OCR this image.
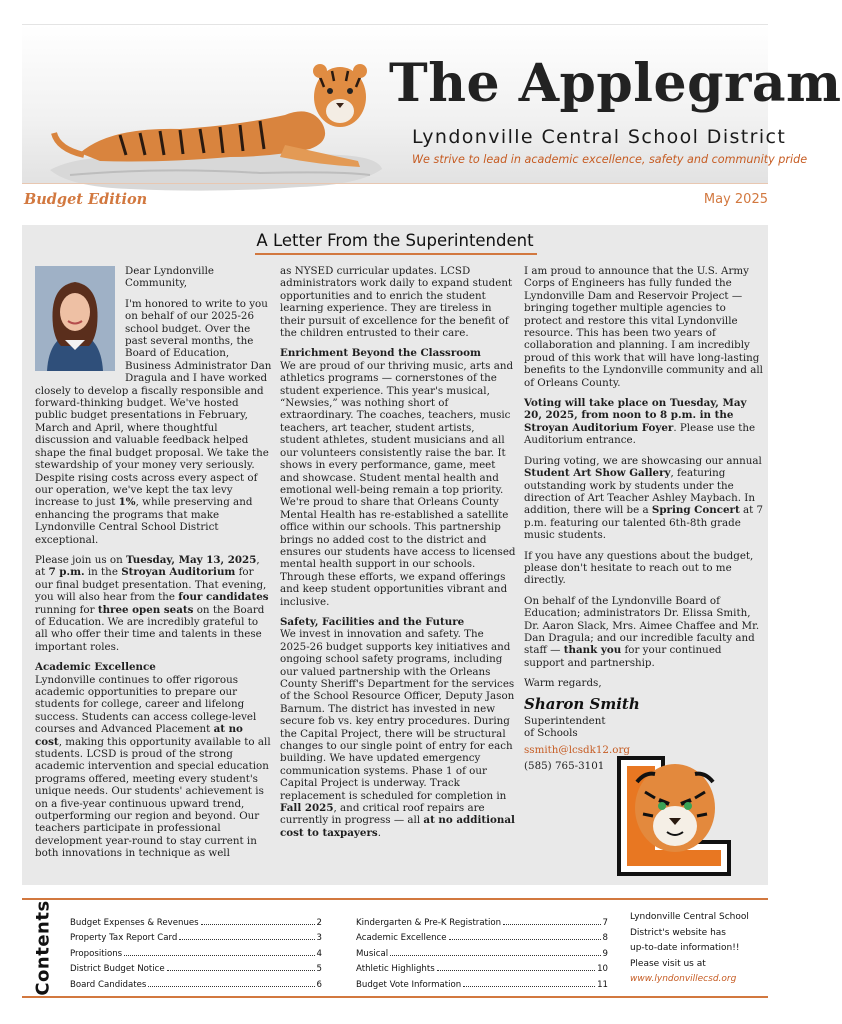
The Applegram
Lyndonville Central School District
We strive to lead in academic excellence, safety and community pride
Budget Edition	May 2025
A Letter From the Superintendent

Dear Lyndonville Community,

I'm honored to write to you on behalf of our 2025-26 school budget. Over the past several months, the Board of Education, Business Administrator Dan Dragula and I have worked closely to develop a fiscally responsible and forward-thinking budget. We've hosted public budget presentations in February, March and April, where thoughtful discussion and valuable feedback helped shape the final budget proposal. We take the stewardship of your money very seriously. Despite rising costs across every aspect of our operation, we've kept the tax levy increase to just 1%, while preserving and enhancing the programs that make Lyndonville Central School District exceptional.

Please join us on Tuesday, May 13, 2025, at 7 p.m. in the Stroyan Auditorium for our final budget presentation. That evening, you will also hear from the four candidates running for three open seats on the Board of Education. We are incredibly grateful to all who offer their time and talents in these important roles.

Academic Excellence

Lyndonville continues to offer rigorous academic opportunities to prepare our students for college, career and lifelong success. Students can access college-level courses and Advanced Placement at no cost, making this opportunity available to all students. LCSD is proud of the strong academic intervention and special education programs offered, meeting every student's unique needs. Our students' achievement is on a five-year continuous upward trend, outperforming our region and beyond. Our teachers participate in professional development year-round to stay current in both innovations in technique as well

as NYSED curricular updates. LCSD administrators work daily to expand student opportunities and to enrich the student learning experience. They are tireless in their pursuit of excellence for the benefit of the children entrusted to their care.

Enrichment Beyond the Classroom

We are proud of our thriving music, arts and athletics programs — cornerstones of the student experience. This year's musical, “Newsies,” was nothing short of extraordinary. The coaches, teachers, music teachers, art teacher, student artists, student athletes, student musicians and all our volunteers consistently raise the bar. It shows in every performance, game, meet and showcase. Student mental health and emotional well-being remain a top priority. We're proud to share that Orleans County Mental Health has re-established a satellite office within our schools. This partnership brings no added cost to the district and ensures our students have access to licensed mental health support in our schools. Through these efforts, we expand offerings and keep student opportunities vibrant and inclusive.

Safety, Facilities and the Future

We invest in innovation and safety. The 2025-26 budget supports key initiatives and ongoing school safety programs, including our valued partnership with the Orleans County Sheriff's Department for the services of the School Resource Officer, Deputy Jason Barnum. The district has invested in new secure fob vs. key entry procedures. During the Capital Project, there will be structural changes to our single point of entry for each building. We have updated emergency communication systems. Phase 1 of our Capital Project is underway. Track replacement is scheduled for completion in Fall 2025, and critical roof repairs are currently in progress — all at no additional cost to taxpayers.

I am proud to announce that the U.S. Army Corps of Engineers has fully funded the Lyndonville Dam and Reservoir Project — bringing together multiple agencies to protect and restore this vital Lyndonville resource. This has been two years of collaboration and planning. I am incredibly proud of this work that will have long-lasting benefits to the Lyndonville community and all of Orleans County.

Voting will take place on Tuesday, May 20, 2025, from noon to 8 p.m. in the Stroyan Auditorium Foyer. Please use the Auditorium entrance.

During voting, we are showcasing our annual Student Art Show Gallery, featuring outstanding work by students under the direction of Art Teacher Ashley Maybach. In addition, there will be a Spring Concert at 7 p.m. featuring our talented 6th-8th grade music students.

If you have any questions about the budget, please don't hesitate to reach out to me directly.

On behalf of the Lyndonville Board of Education; administrators Dr. Elissa Smith, Dr. Aaron Slack, Mrs. Aimee Chaffee and Mr. Dan Dragula; and our incredible faculty and staff — thank you for your continued support and partnership.

Warm regards,

Sharon Smith
Superintendent
of Schools
ssmith@lcsdk12.org
(585) 765-3101
Contents Budget Expenses & Revenues	2
Property Tax Report Card	3
Propositions	4
District Budget Notice	5
Board Candidates	6
Kindergarten & Pre-K Registration	7
Academic Excellence	8
Musical	9
Athletic Highlights	10
Budget Vote Information	11
Lyndonville Central School
District's website has
up-to-date information!!
Please visit us at
www.lyndonvillecsd.org
